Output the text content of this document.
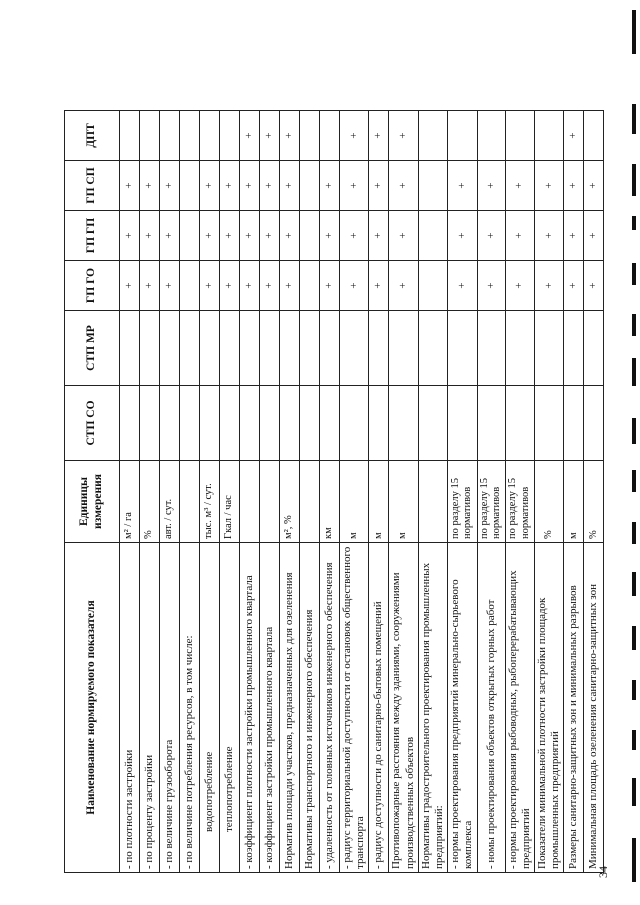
Наименование нормируемого показателя	Единицы измерения	СТП СО	СТП МР	ГП ГО	ГП ГП	ГП СП	ДПТ
- по плотности застройки	м² / га			+	+	+	
- по проценту застройки	%			+	+	+	
- по величине грузооборота	авт. / сут.			+	+	+	
- по величине потребления ресурсов, в том числе:							
водопотребление	тыс. м³ / сут.			+	+	+	
теплопотребление	Гкал / час			+	+	+	
- коэффициент плотности застройки промышленного квартала				+	+	+	+
- коэффициент застройки промышленного квартала				+	+	+	+
Норматив площади участков, предназначенных для озеленения	м², %			+	+	+	+
Нормативы транспортного и инженерного обеспечения							
- удаленность от головных источников инженерного обеспечения	км			+	+	+	
- радиус территориальной доступности от остановок общественного транспорта	м			+	+	+	+
- радиус доступности до санитарно-бытовых помещений	м			+	+	+	+
Противопожарные расстояния между зданиями, сооружениями производственных объектов	м			+	+	+	+
Нормативы градостроительного проектирования промышленных предприятий:							
- нормы проектирования предприятий минерально-сырьевого комплекса	по разделу 15 нормативов			+	+	+	
- номы проектирования объектов открытых горных работ	по разделу 15 нормативов			+	+	+	
- нормы проектирования рыбоводных, рыбоперерабатывающих предприятий	по разделу 15 нормативов			+	+	+	
Показатели минимальной плотности застройки площадок промышленных предприятий	%			+	+	+	
Размеры санитарно-защитных зон и минимальных разрывов	м			+	+	+	+
Минимальная площадь озеленения санитарно-защитных зон	%			+	+	+	

34
